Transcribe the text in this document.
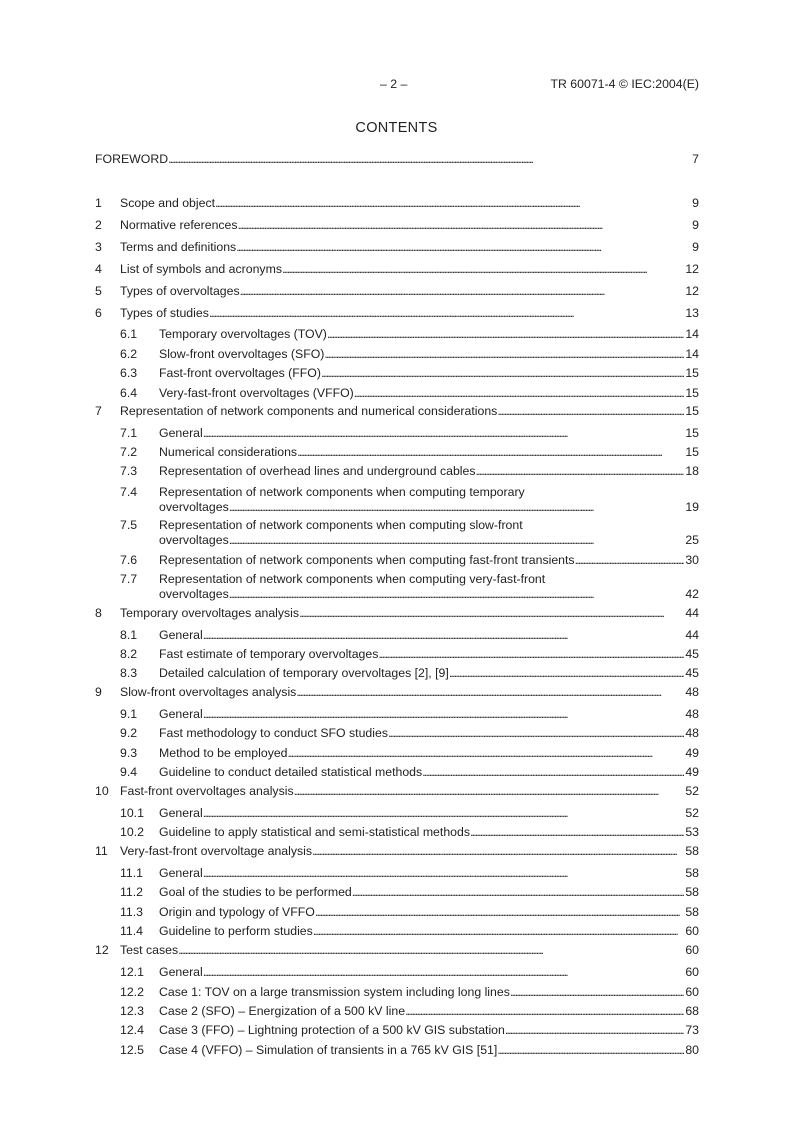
– 2 –	TR 60071-4 © IEC:2004(E)
CONTENTS
FOREWORD . . .	7
1 Scope and object . . .	9
2 Normative references . . .	9
3 Terms and definitions . . .	9
4 List of symbols and acronyms . . .	12
5 Types of overvoltages . . .	12
6 Types of studies . . .	13
6.1 Temporary overvoltages (TOV) . . .	14
6.2 Slow-front overvoltages (SFO) . . .	14
6.3 Fast-front overvoltages (FFO) . . .	15
6.4 Very-fast-front overvoltages (VFFO) . . .	15
7 Representation of network components and numerical considerations . . .	15
7.1 General . . .	15
7.2 Numerical considerations . . .	15
7.3 Representation of overhead lines and underground cables . . .	18
7.4 Representation of network components when computing temporary
overvoltages . . .	19
7.5 Representation of network components when computing slow-front
overvoltages . . .	25
7.6 Representation of network components when computing fast-front transients . . .	30
7.7 Representation of network components when computing very-fast-front
overvoltages . . .	42
8 Temporary overvoltages analysis . . .	44
8.1 General . . .	44
8.2 Fast estimate of temporary overvoltages . . .	45
8.3 Detailed calculation of temporary overvoltages [2], [9] . . .	45
9 Slow-front overvoltages analysis . . .	48
9.1 General . . .	48
9.2 Fast methodology to conduct SFO studies . . .	48
9.3 Method to be employed . . .	49
9.4 Guideline to conduct detailed statistical methods . . .	49
10 Fast-front overvoltages analysis . . .	52
10.1 General . . .	52
10.2 Guideline to apply statistical and semi-statistical methods . . .	53
11 Very-fast-front overvoltage analysis . . .	58
11.1 General . . .	58
11.2 Goal of the studies to be performed . . .	58
11.3 Origin and typology of VFFO . . .	58
11.4 Guideline to perform studies . . .	60
12 Test cases . . .	60
12.1 General . . .	60
12.2 Case 1: TOV on a large transmission system including long lines . . .	60
12.3 Case 2 (SFO) – Energization of a 500 kV line . . .	68
12.4 Case 3 (FFO) – Lightning protection of a 500 kV GIS substation . . .	73
12.5 Case 4 (VFFO) – Simulation of transients in a 765 kV GIS [51] . . .	80
